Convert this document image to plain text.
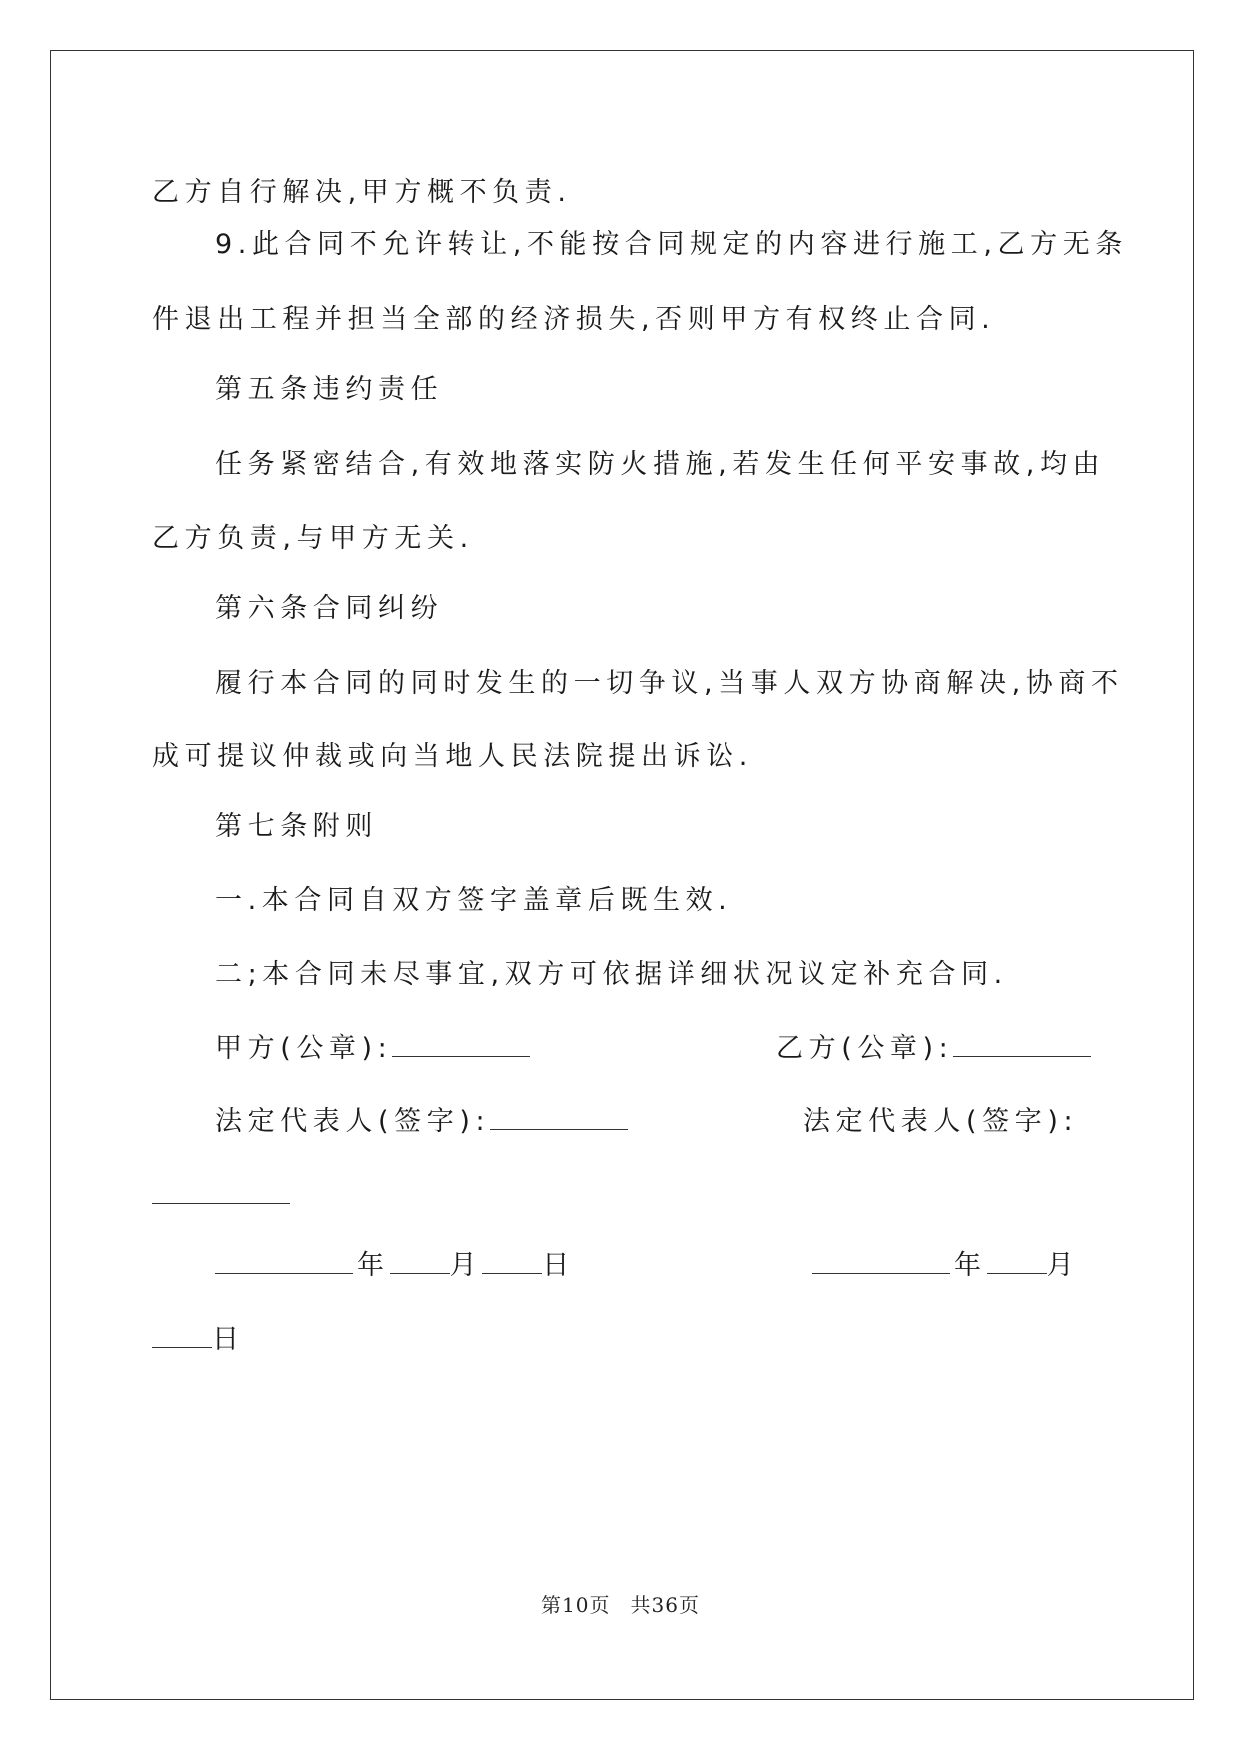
乙方自行解决,甲方概不负责.

9.此合同不允许转让,不能按合同规定的内容进行施工,乙方无条

件退出工程并担当全部的经济损失,否则甲方有权终止合同.

第五条违约责任

任务紧密结合,有效地落实防火措施,若发生任何平安事故,均由

乙方负责,与甲方无关.

第六条合同纠纷

履行本合同的同时发生的一切争议,当事人双方协商解决,协商不

成可提议仲裁或向当地人民法院提出诉讼.

第七条附则

一.本合同自双方签字盖章后既生效.

二;本合同未尽事宜,双方可依据详细状况议定补充合同.

甲方(公章):	乙方(公章):

法定代表人(签字):	法定代表人(签字):

年 月 日	年 月

日

第10页 共36页
